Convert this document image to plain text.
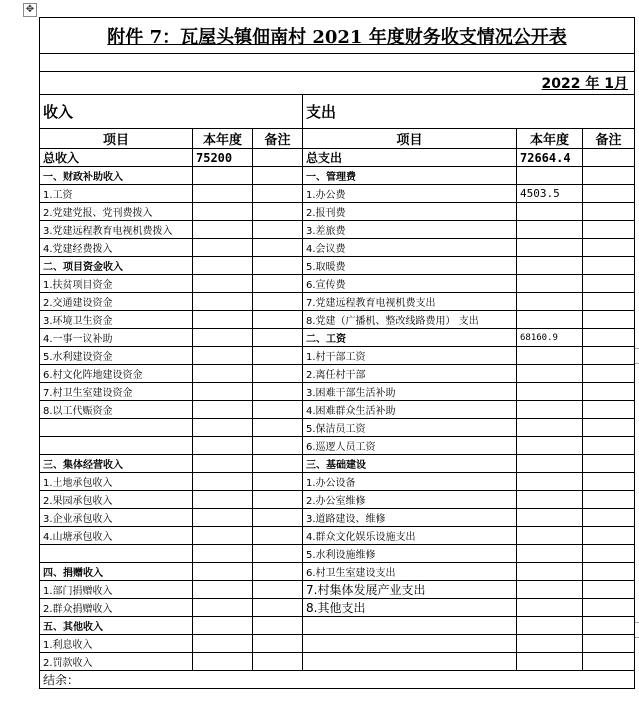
✥
附件 7：瓦屋头镇佃南村 2021 年度财务收支情况公开表					

2022 年 1月					
收入			支出		
项目	本年度	备注	项目	本年度	备注
总收入	75200		总支出	72664.4	
一、财政补助收入			一、管理费		
1.工资			1.办公费	4503.5	
2.党建党报、党刊费拨入			2.报刊费		
3.党建远程教育电视机费拨入			3.差旅费		
4.党建经费拨入			4.会议费		
二、项目资金收入			5.取暖费		
1.扶贫项目资金			6.宣传费		
2.交通建设资金			7.党建远程教育电视机费支出		
3.环境卫生资金			8.党建（广播机、整改线路费用） 支出		
4.一事一议补助			二、工资	68160.9	
5.水利建设资金			1.村干部工资		
6.村文化阵地建设资金			2.离任村干部		
7.村卫生室建设资金			3.困难干部生活补助		
8.以工代赈资金			4.困难群众生活补助		
			5.保洁员工资		
			6.巡逻人员工资		
三、集体经营收入			三、基础建设		
1.土地承包收入			1.办公设备		
2.果园承包收入			2.办公室维修		
3.企业承包收入			3.道路建设、维修		
4.山塘承包收入			4.群众文化娱乐设施支出		
			5.水利设施维修		
四、捐赠收入			6.村卫生室建设支出		
1.部门捐赠收入			7.村集体发展产业支出		
2.群众捐赠收入			8.其他支出		
五、其他收入					
1.利息收入					
2.罚款收入					
结余：					
